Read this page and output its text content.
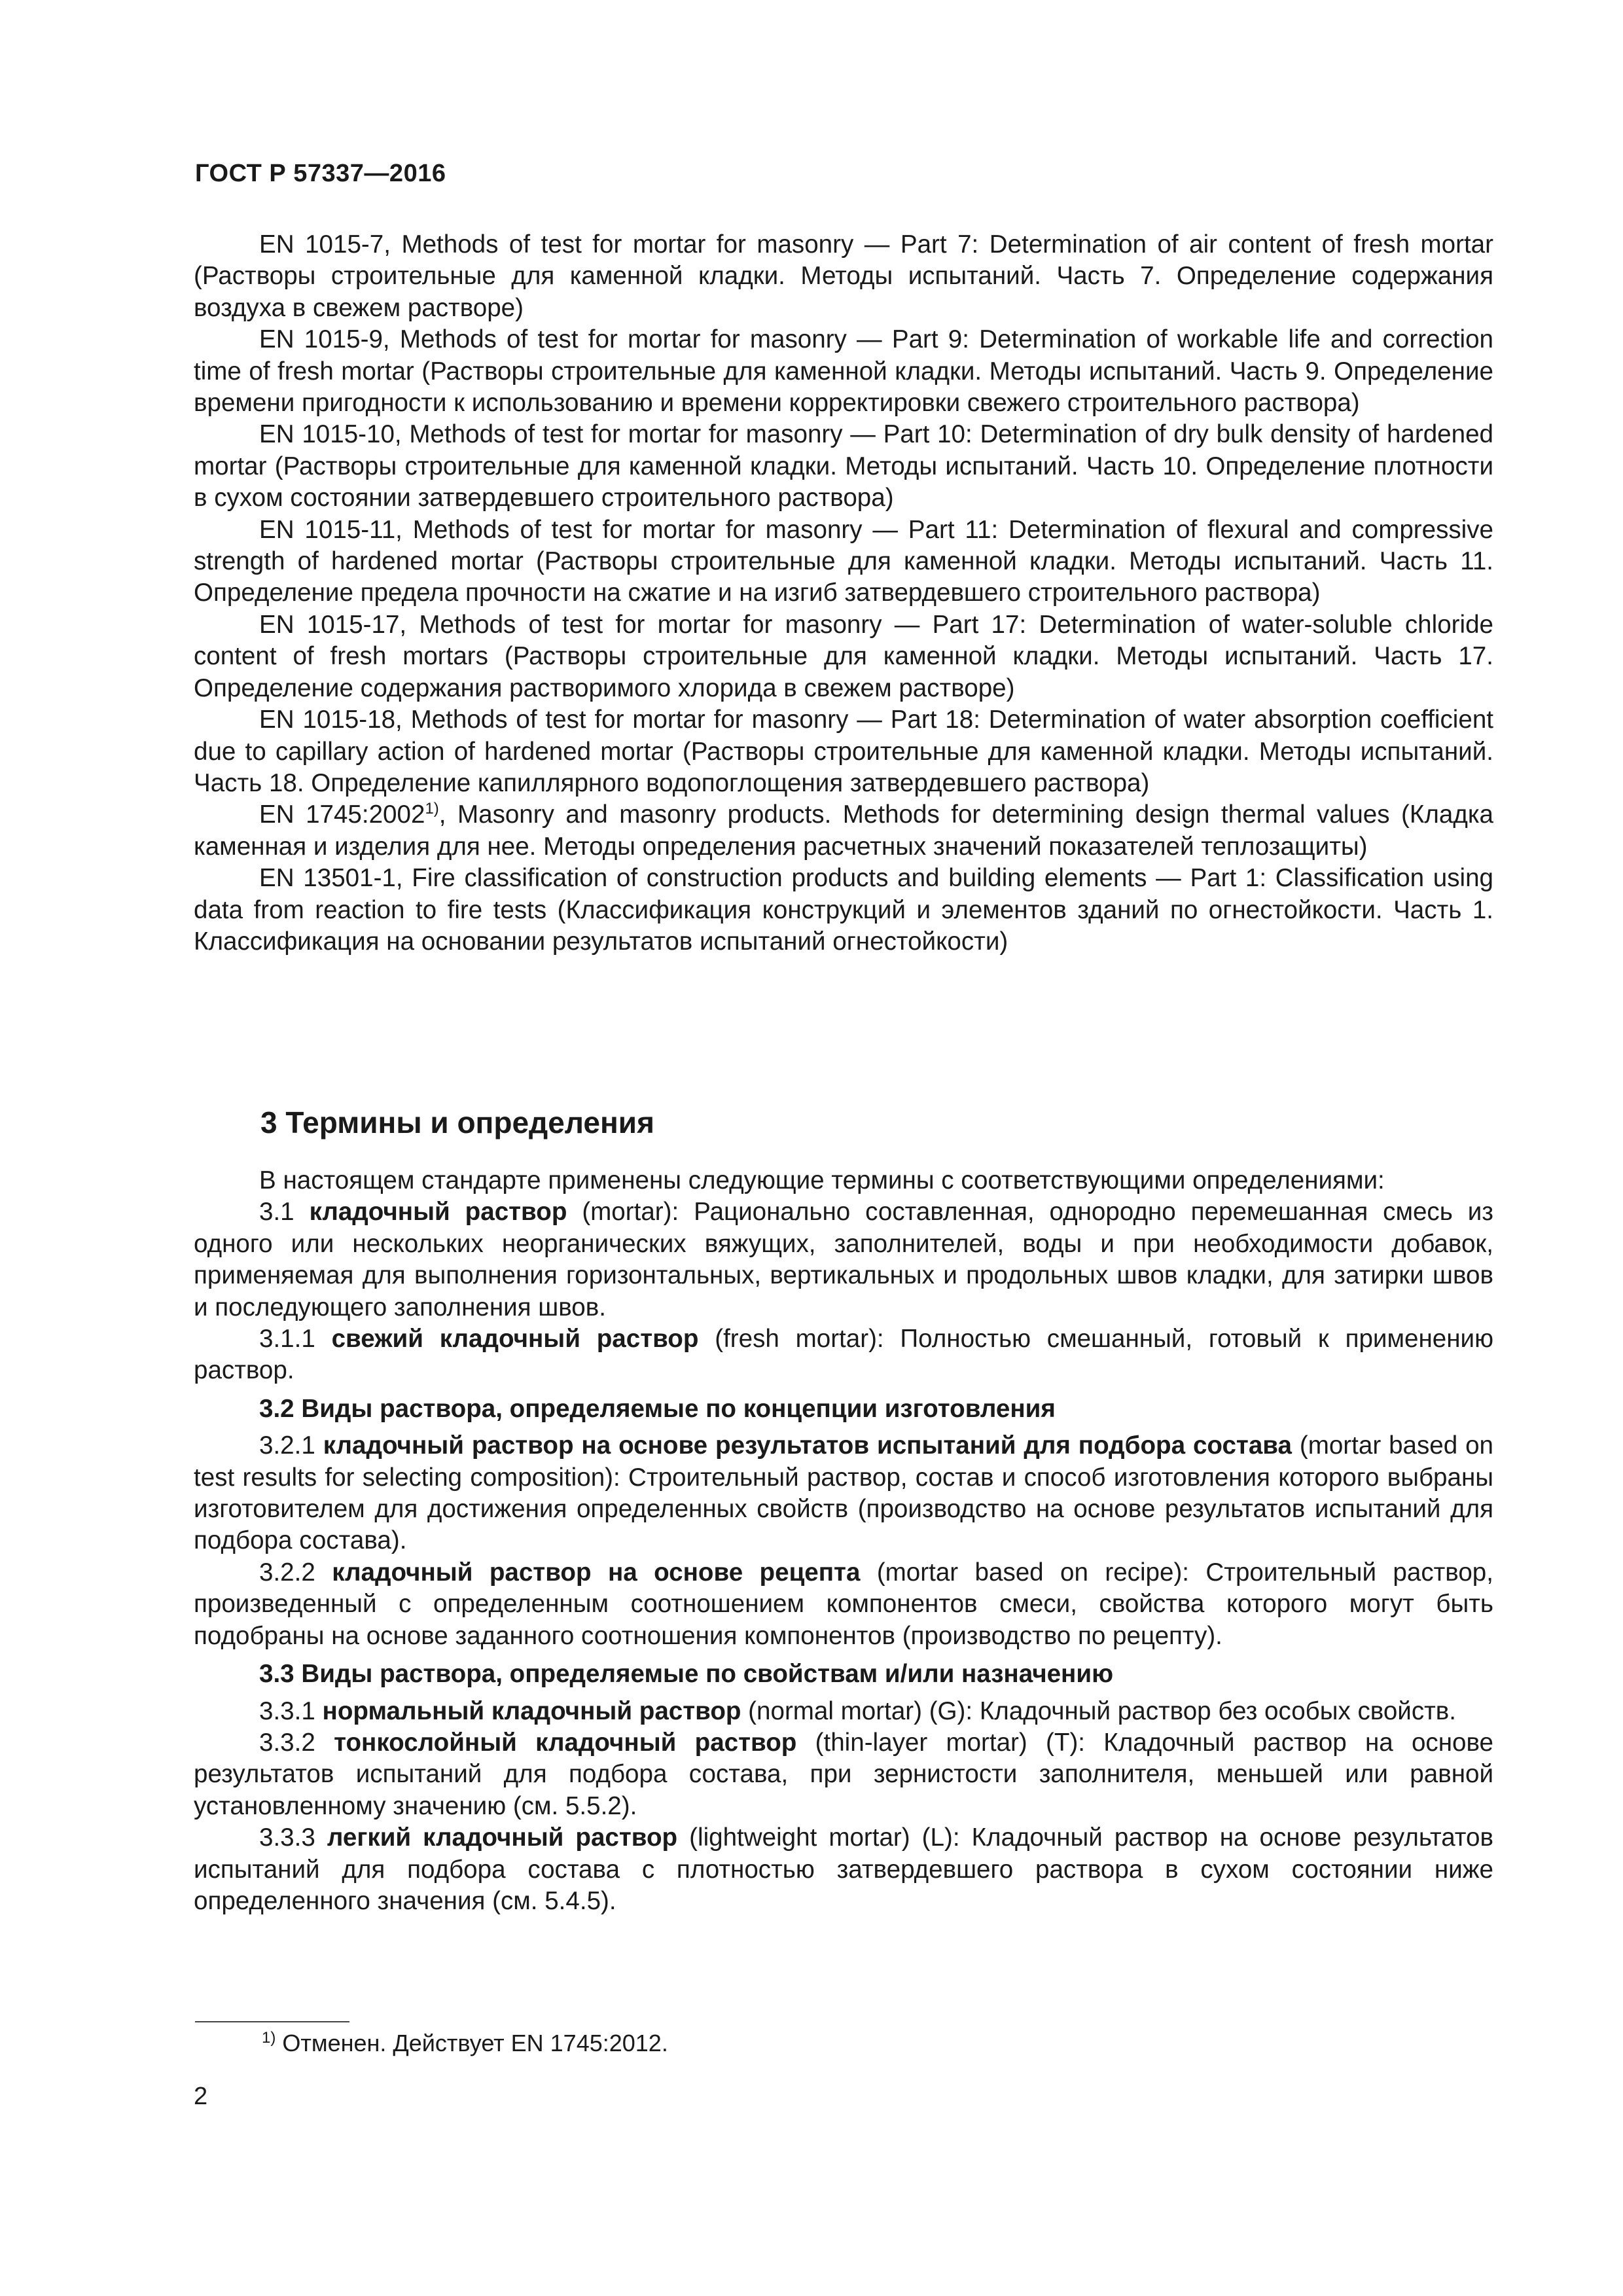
ГОСТ Р 57337—2016

EN 1015-7, Methods of test for mortar for masonry — Part 7: Determination of air content of fresh mortar (Растворы строительные для каменной кладки. Методы испытаний. Часть 7. Определение содержания воздуха в свежем растворе)

EN 1015-9, Methods of test for mortar for masonry — Part 9: Determination of workable life and correction time of fresh mortar (Растворы строительные для каменной кладки. Методы испытаний. Часть 9. Определение времени пригодности к использованию и времени корректировки свежего строительного раствора)

EN 1015-10, Methods of test for mortar for masonry — Part 10: Determination of dry bulk density of hardened mortar (Растворы строительные для каменной кладки. Методы испытаний. Часть 10. Определение плотности в сухом состоянии затвердевшего строительного раствора)

EN 1015-11, Methods of test for mortar for masonry — Part 11: Determination of flexural and compressive strength of hardened mortar (Растворы строительные для каменной кладки. Методы испытаний. Часть 11. Определение предела прочности на сжатие и на изгиб затвердевшего строительного раствора)

EN 1015-17, Methods of test for mortar for masonry — Part 17: Determination of water-soluble chloride content of fresh mortars (Растворы строительные для каменной кладки. Методы испытаний. Часть 17. Определение содержания растворимого хлорида в свежем растворе)

EN 1015-18, Methods of test for mortar for masonry — Part 18: Determination of water absorption coefficient due to capillary action of hardened mortar (Растворы строительные для каменной кладки. Методы испытаний. Часть 18. Определение капиллярного водопоглощения затвердевшего раствора)

EN 1745:2002$^{1)}$, Masonry and masonry products. Methods for determining design thermal values (Кладка каменная и изделия для нее. Методы определения расчетных значений показателей теплозащиты)

EN 13501-1, Fire classification of construction products and building elements — Part 1: Classification using data from reaction to fire tests (Классификация конструкций и элементов зданий по огнестойкости. Часть 1. Классификация на основании результатов испытаний огнестойкости)

3 Термины и определения

В настоящем стандарте применены следующие термины с соответствующими определениями:

3.1 кладочный раствор (mortar): Рационально составленная, однородно перемешанная смесь из одного или нескольких неорганических вяжущих, заполнителей, воды и при необходимости добавок, применяемая для выполнения горизонтальных, вертикальных и продольных швов кладки, для затирки швов и последующего заполнения швов.

3.1.1 свежий кладочный раствор (fresh mortar): Полностью смешанный, готовый к применению раствор.

3.2 Виды раствора, определяемые по концепции изготовления

3.2.1 кладочный раствор на основе результатов испытаний для подбора состава (mortar based on test results for selecting composition): Строительный раствор, состав и способ изготовления которого выбраны изготовителем для достижения определенных свойств (производство на основе результатов испытаний для подбора состава).

3.2.2 кладочный раствор на основе рецепта (mortar based on recipe): Строительный раствор, произведенный с определенным соотношением компонентов смеси, свойства которого могут быть подобраны на основе заданного соотношения компонентов (производство по рецепту).

3.3 Виды раствора, определяемые по свойствам и/или назначению

3.3.1 нормальный кладочный раствор (normal mortar) (G): Кладочный раствор без особых свойств.

3.3.2 тонкослойный кладочный раствор (thin-layer mortar) (T): Кладочный раствор на основе результатов испытаний для подбора состава, при зернистости заполнителя, меньшей или равной установленному значению (см. 5.5.2).

3.3.3 легкий кладочный раствор (lightweight mortar) (L): Кладочный раствор на основе результатов испытаний для подбора состава с плотностью затвердевшего раствора в сухом состоянии ниже определенного значения (см. 5.4.5).

$^{1)}$ Отменен. Действует EN 1745:2012.
2
